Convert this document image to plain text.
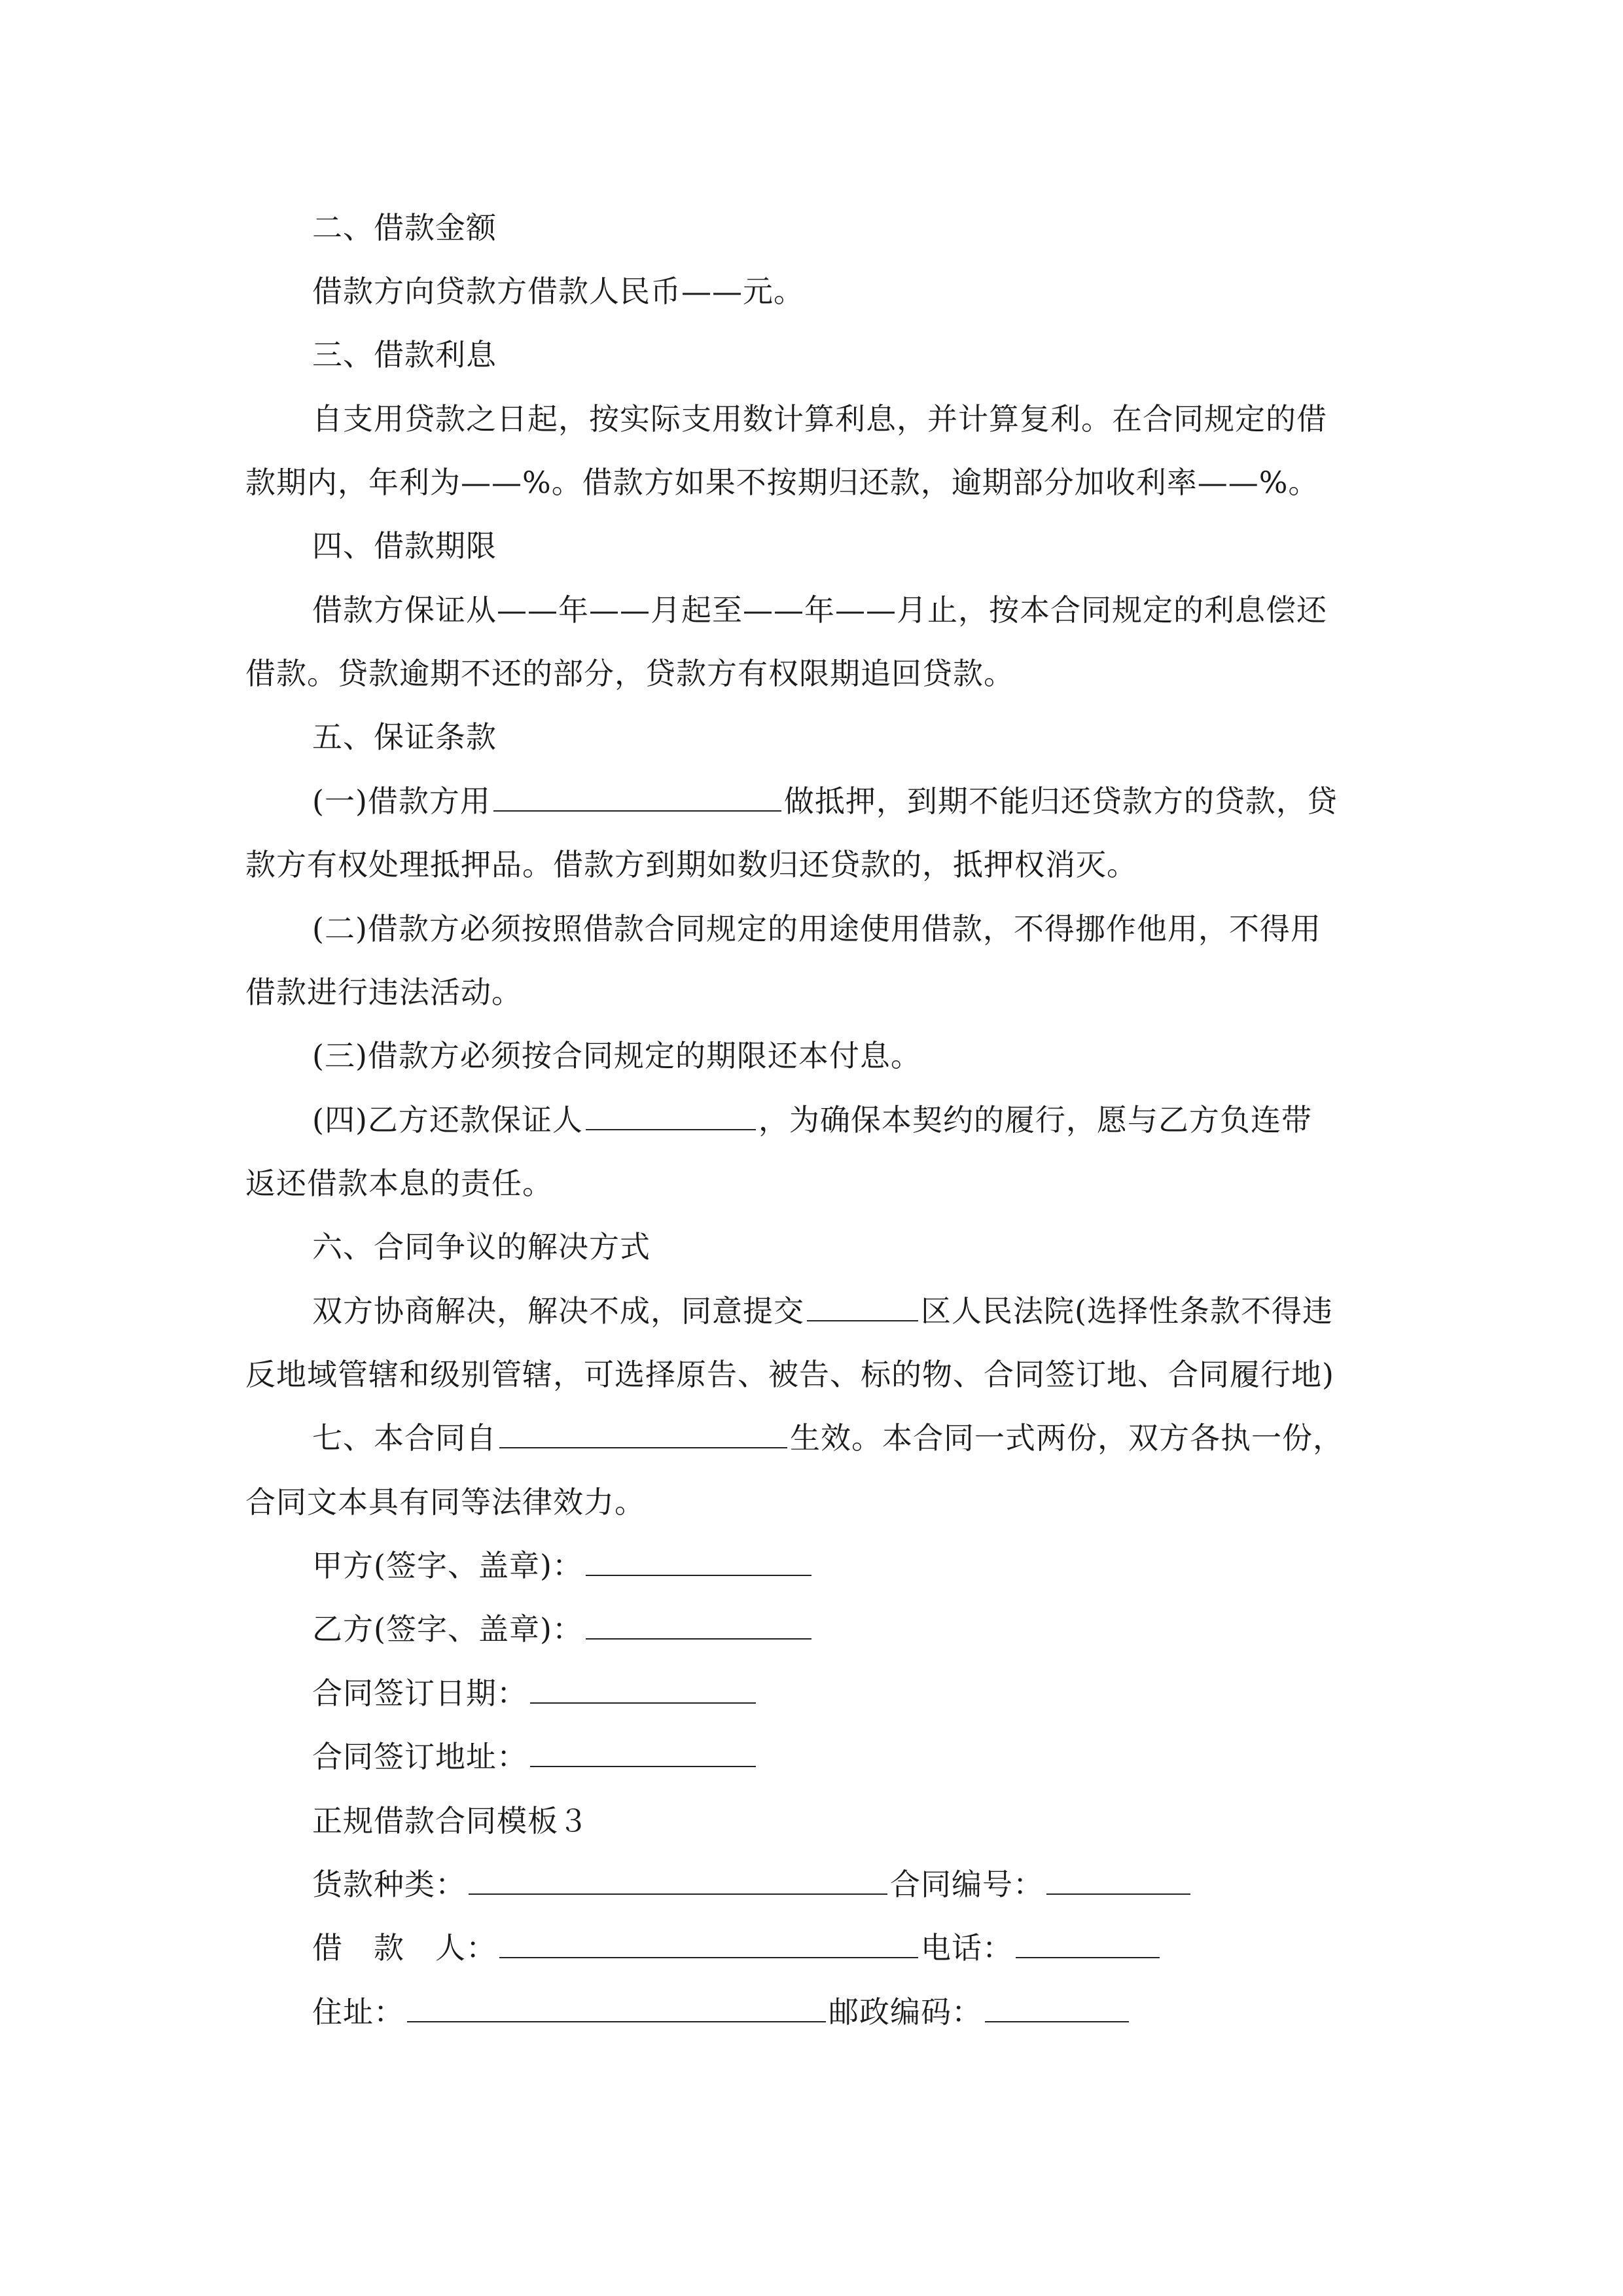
二、借款金额
借款方向贷款方借款人民币——元。
三、借款利息
自支用贷款之日起，按实际支用数计算利息，并计算复利。在合同规定的借
款期内，年利为——%。借款方如果不按期归还款，逾期部分加收利率——%。
四、借款期限
借款方保证从——年——月起至——年——月止，按本合同规定的利息偿还
借款。贷款逾期不还的部分，贷款方有权限期追回贷款。
五、保证条款
(一)借款方用	做抵押，到期不能归还贷款方的贷款，贷
款方有权处理抵押品。借款方到期如数归还贷款的，抵押权消灭。
(二)借款方必须按照借款合同规定的用途使用借款，不得挪作他用，不得用
借款进行违法活动。
(三)借款方必须按合同规定的期限还本付息。
(四)乙方还款保证人	，为确保本契约的履行，愿与乙方负连带
返还借款本息的责任。
六、合同争议的解决方式
双方协商解决，解决不成，同意提交	区人民法院(选择性条款不得违
反地域管辖和级别管辖，可选择原告、被告、标的物、合同签订地、合同履行地)
七、本合同自	生效。本合同一式两份，双方各执一份，
合同文本具有同等法律效力。
甲方(签字、盖章)：
乙方(签字、盖章)：
合同签订日期：
合同签订地址：
正规借款合同模板３
货款种类：	合同编号：
借　款　人：	电话：
住址：	邮政编码：
